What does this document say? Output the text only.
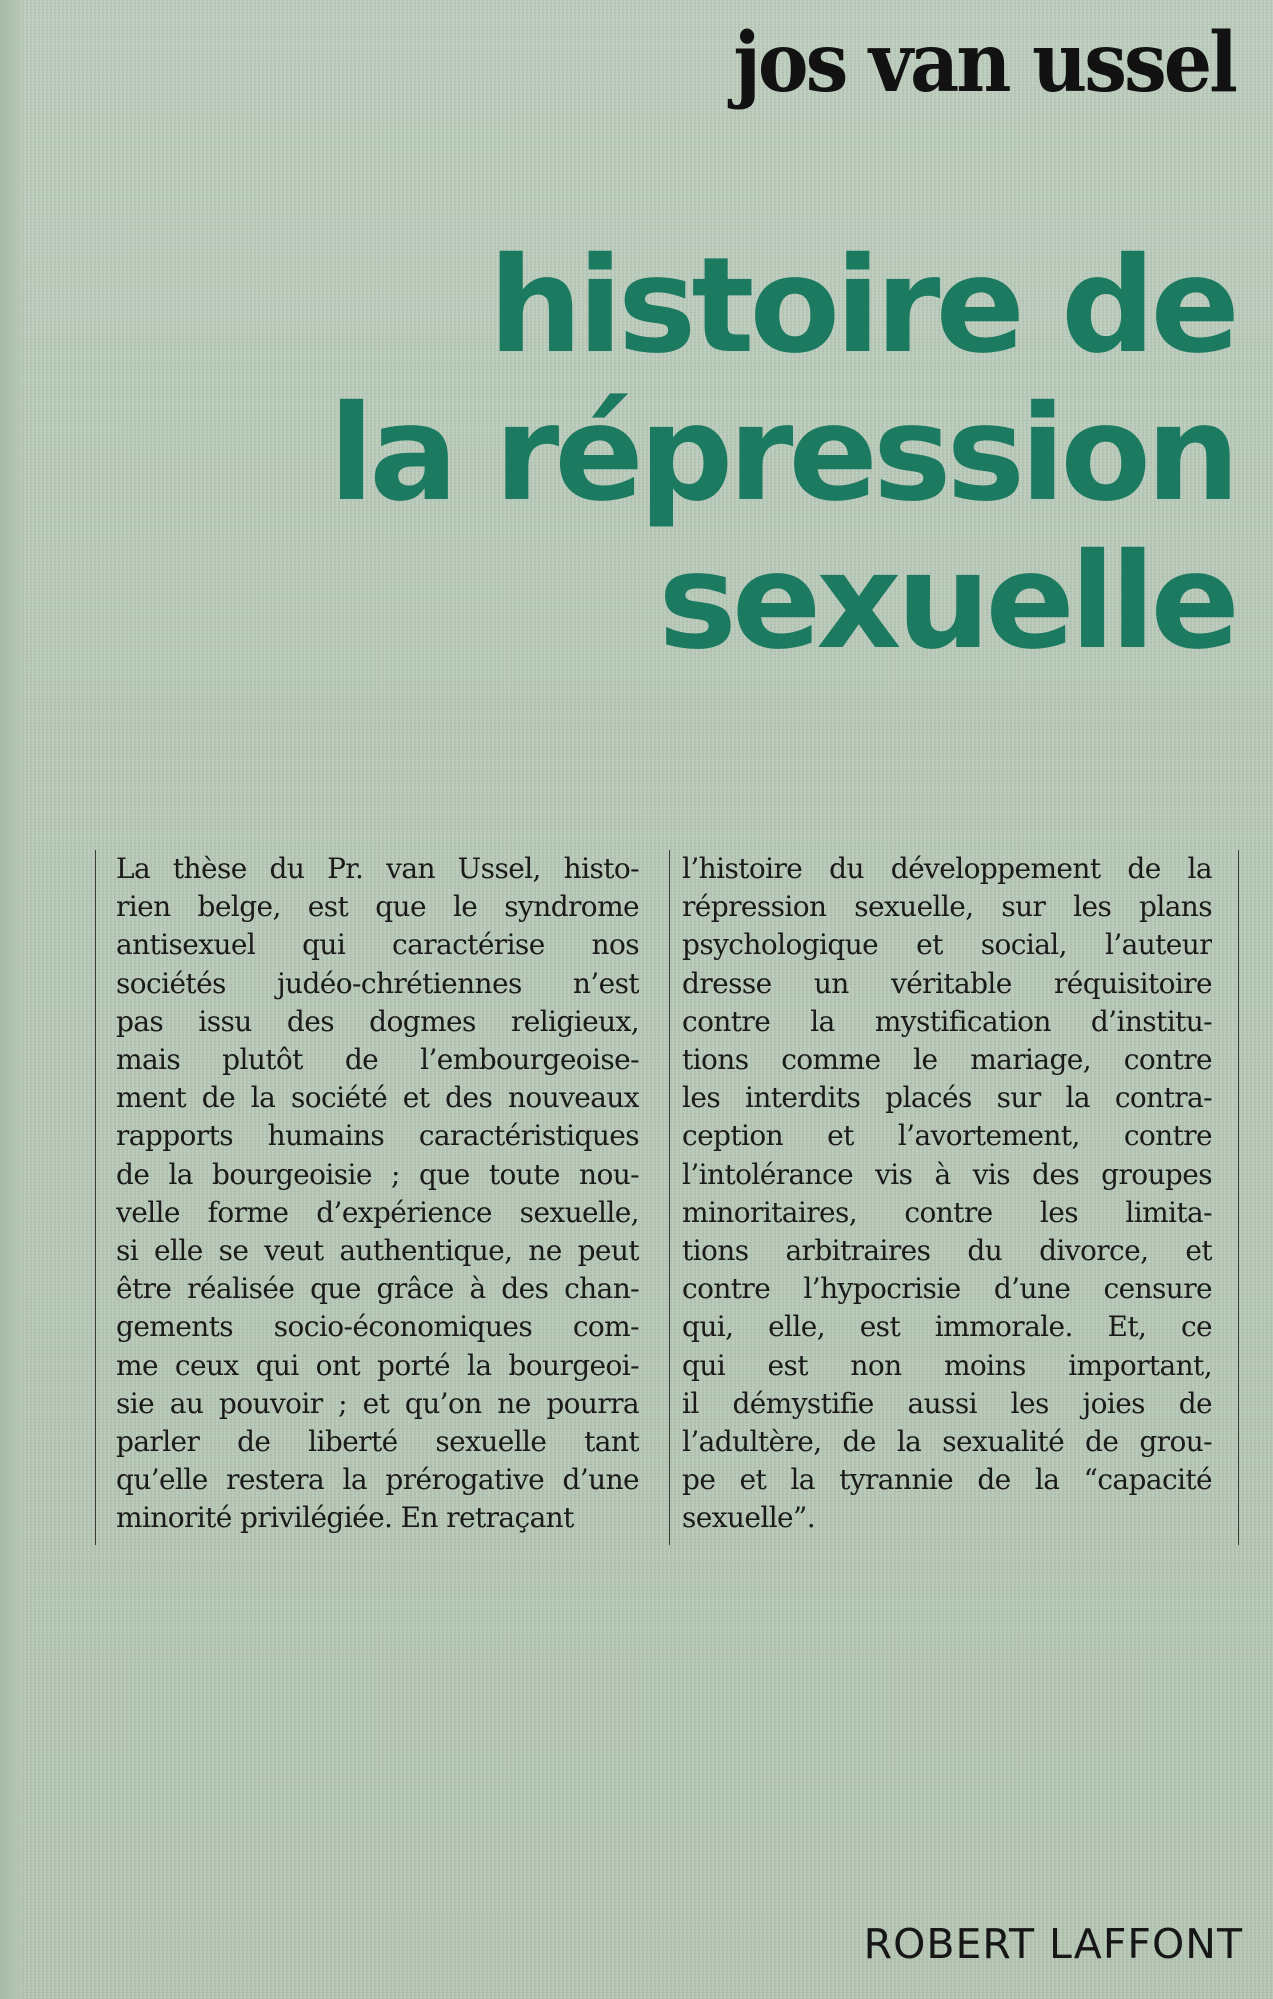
jos van ussel
histoire de
la répression
sexuelle
La thèse du Pr. van Ussel, histo-
rien belge, est que le syndrome
antisexuel qui caractérise nos
sociétés judéo-chrétiennes n’est
pas issu des dogmes religieux,
mais plutôt de l’embourgeoise-
ment de la société et des nouveaux
rapports humains caractéristiques
de la bourgeoisie ; que toute nou-
velle forme d’expérience sexuelle,
si elle se veut authentique, ne peut
être réalisée que grâce à des chan-
gements socio-économiques com-
me ceux qui ont porté la bourgeoi-
sie au pouvoir ; et qu’on ne pourra
parler de liberté sexuelle tant
qu’elle restera la prérogative d’une
minorité privilégiée. En retraçant
l’histoire du développement de la
répression sexuelle, sur les plans
psychologique et social, l’auteur
dresse un véritable réquisitoire
contre la mystification d’institu-
tions comme le mariage, contre
les interdits placés sur la contra-
ception et l’avortement, contre
l’intolérance vis à vis des groupes
minoritaires, contre les limita-
tions arbitraires du divorce, et
contre l’hypocrisie d’une censure
qui, elle, est immorale. Et, ce
qui est non moins important,
il démystifie aussi les joies de
l’adultère, de la sexualité de grou-
pe et la tyrannie de la “capacité
sexuelle”.

ROBERT LAFFONT
